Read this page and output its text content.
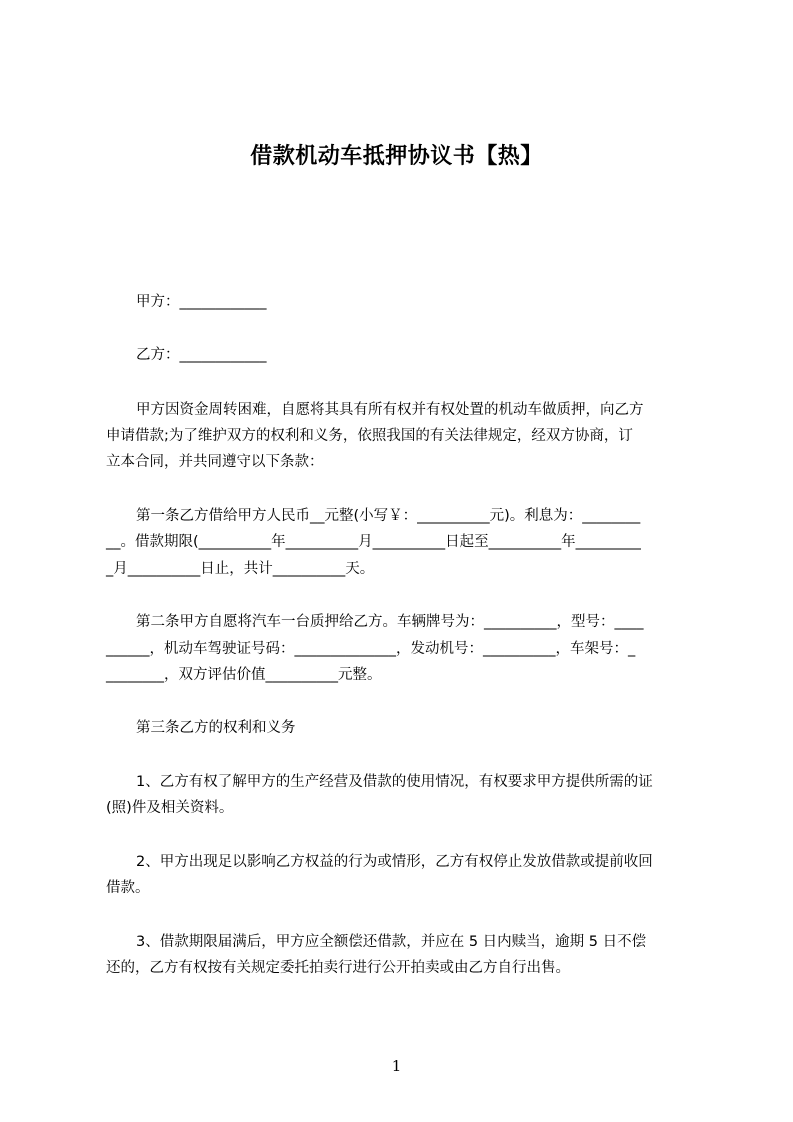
借款机动车抵押协议书【热】
甲方：____________
乙方：____________
甲方因资金周转困难，自愿将其具有所有权并有权处置的机动车做质押，向乙方
申请借款;为了维护双方的权利和义务，依照我国的有关法律规定，经双方协商，订
立本合同，并共同遵守以下条款：
第一条乙方借给甲方人民币__元整(小写￥：__________元)。利息为：________
__。借款期限(__________年__________月__________日起至__________年_________
_月__________日止，共计__________天。
第二条甲方自愿将汽车一台质押给乙方。车辆牌号为：__________，型号：____
______，机动车驾驶证号码：______________，发动机号：__________，车架号：_
________，双方评估价值__________元整。
第三条乙方的权利和义务
1、乙方有权了解甲方的生产经营及借款的使用情况，有权要求甲方提供所需的证
(照)件及相关资料。
2、甲方出现足以影响乙方权益的行为或情形，乙方有权停止发放借款或提前收回
借款。
3、借款期限届满后，甲方应全额偿还借款，并应在 5 日内赎当，逾期 5 日不偿
还的，乙方有权按有关规定委托拍卖行进行公开拍卖或由乙方自行出售。
1
